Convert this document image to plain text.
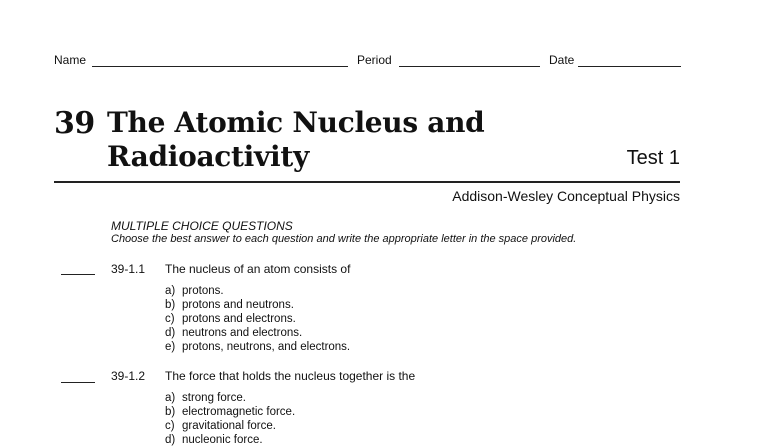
Name	Period	Date
39 The Atomic Nucleus and
Radioactivity	Test 1
Addison-Wesley Conceptual Physics
MULTIPLE CHOICE QUESTIONS
Choose the best answer to each question and write the appropriate letter in the space provided.
39-1.1 The nucleus of an atom consists of
a) protons.
b) protons and neutrons.
c) protons and electrons.
d) neutrons and electrons.
e) protons, neutrons, and electrons.
39-1.2 The force that holds the nucleus together is the
a) strong force.
b) electromagnetic force.
c) gravitational force.
d) nucleonic force.
